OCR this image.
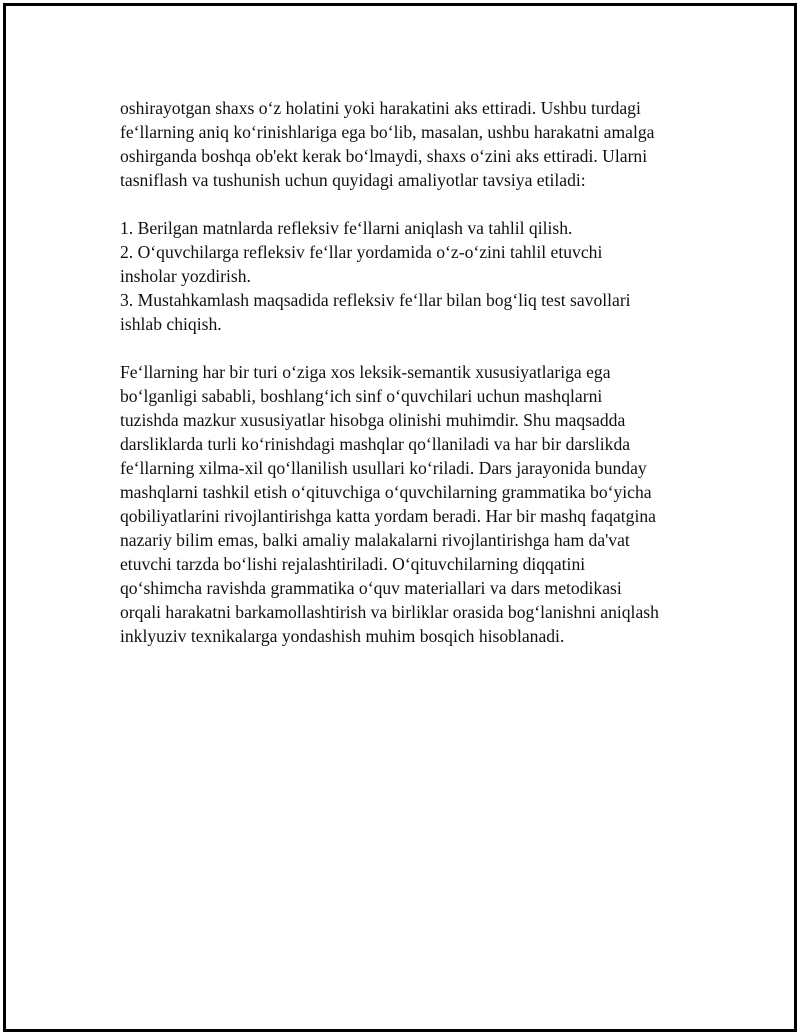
oshirayotgan shaxs o‘z holatini yoki harakatini aks ettiradi. Ushbu turdagi
fe‘llarning aniq ko‘rinishlariga ega bo‘lib, masalan, ushbu harakatni amalga
oshirganda boshqa ob'ekt kerak bo‘lmaydi, shaxs o‘zini aks ettiradi. Ularni
tasniflash va tushunish uchun quyidagi amaliyotlar tavsiya etiladi:

1. Berilgan matnlarda refleksiv fe‘llarni aniqlash va tahlil qilish.
2. O‘quvchilarga refleksiv fe‘llar yordamida o‘z-o‘zini tahlil etuvchi
insholar yozdirish.
3. Mustahkamlash maqsadida refleksiv fe‘llar bilan bog‘liq test savollari
ishlab chiqish.

Fe‘llarning har bir turi o‘ziga xos leksik-semantik xususiyatlariga ega
bo‘lganligi sababli, boshlang‘ich sinf o‘quvchilari uchun mashqlarni
tuzishda mazkur xususiyatlar hisobga olinishi muhimdir. Shu maqsadda
darsliklarda turli ko‘rinishdagi mashqlar qo‘llaniladi va har bir darslikda
fe‘llarning xilma-xil qo‘llanilish usullari ko‘riladi. Dars jarayonida bunday
mashqlarni tashkil etish o‘qituvchiga o‘quvchilarning grammatika bo‘yicha
qobiliyatlarini rivojlantirishga katta yordam beradi. Har bir mashq faqatgina
nazariy bilim emas, balki amaliy malakalarni rivojlantirishga ham da'vat
etuvchi tarzda bo‘lishi rejalashtiriladi. O‘qituvchilarning diqqatini
qo‘shimcha ravishda grammatika o‘quv materiallari va dars metodikasi
orqali harakatni barkamollashtirish va birliklar orasida bog‘lanishni aniqlash
inklyuziv texnikalarga yondashish muhim bosqich hisoblanadi.
